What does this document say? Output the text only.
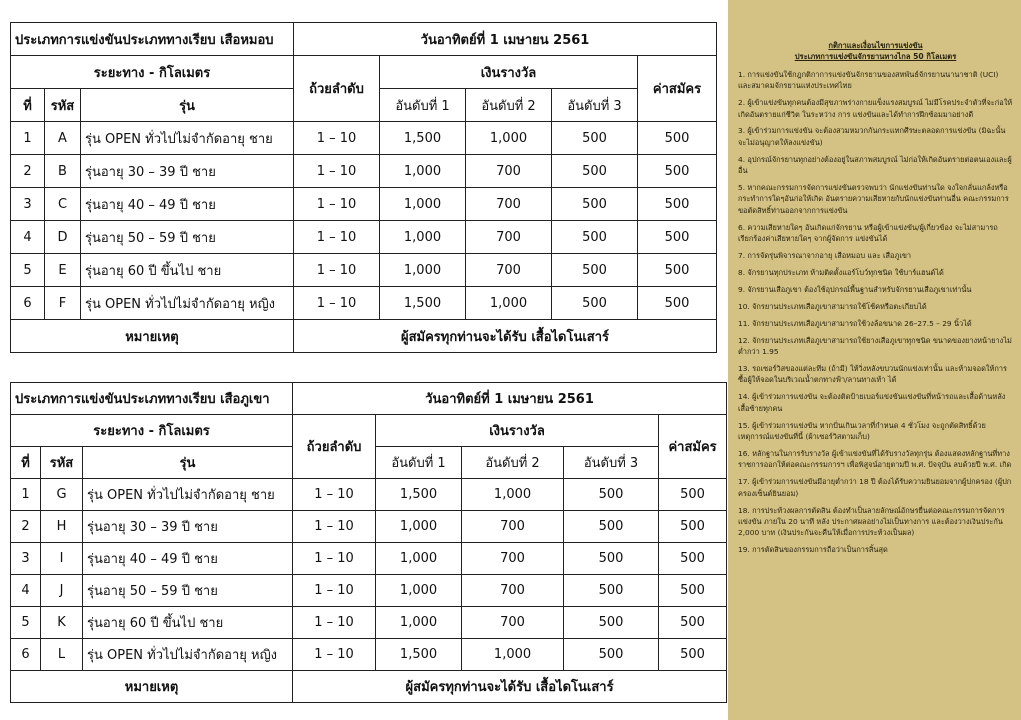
ประเภทการแข่งขันประเภททางเรียบ เสือหมอบ			วันอาทิตย์ที่ 1 เมษายน 2561				
ระยะทาง - กิโลเมตร			ถ้วยลำดับ	เงินรางวัล			ค่าสมัคร
ที่	รหัส	รุ่น		อันดับที่ 1	อันดับที่ 2	อันดับที่ 3	
1	A	รุ่น OPEN ทั่วไปไม่จำกัดอายุ ชาย	1 – 10	1,500	1,000	500	500
2	B	รุ่นอายุ 30 – 39 ปี ชาย	1 – 10	1,000	700	500	500
3	C	รุ่นอายุ 40 – 49 ปี ชาย	1 – 10	1,000	700	500	500
4	D	รุ่นอายุ 50 – 59 ปี ชาย	1 – 10	1,000	700	500	500
5	E	รุ่นอายุ 60 ปี ขึ้นไป ชาย	1 – 10	1,000	700	500	500
6	F	รุ่น OPEN ทั่วไปไม่จำกัดอายุ หญิง	1 – 10	1,500	1,000	500	500
หมายเหตุ			ผู้สมัครทุกท่านจะได้รับ เสื้อไดโนเสาร์				
ประเภทการแข่งขันประเภททางเรียบ เสือภูเขา			วันอาทิตย์ที่ 1 เมษายน 2561				
ระยะทาง - กิโลเมตร			ถ้วยลำดับ	เงินรางวัล			ค่าสมัคร
ที่	รหัส	รุ่น		อันดับที่ 1	อันดับที่ 2	อันดับที่ 3	
1	G	รุ่น OPEN ทั่วไปไม่จำกัดอายุ ชาย	1 – 10	1,500	1,000	500	500
2	H	รุ่นอายุ 30 – 39 ปี ชาย	1 – 10	1,000	700	500	500
3	I	รุ่นอายุ 40 – 49 ปี ชาย	1 – 10	1,000	700	500	500
4	J	รุ่นอายุ 50 – 59 ปี ชาย	1 – 10	1,000	700	500	500
5	K	รุ่นอายุ 60 ปี ขึ้นไป ชาย	1 – 10	1,000	700	500	500
6	L	รุ่น OPEN ทั่วไปไม่จำกัดอายุ หญิง	1 – 10	1,500	1,000	500	500
หมายเหตุ			ผู้สมัครทุกท่านจะได้รับ เสื้อไดโนเสาร์				

กติกาและเงื่อนไขการแข่งขัน

ประเภทการแข่งขันจักรยานทางไกล 50 กิโลเมตร

1. การแข่งขันใช้กฎกติกาการแข่งขันจักรยานของสหพันธ์จักรยานนานาชาติ (UCI) และสมาคมจักรยานแห่งประเทศไทย
2. ผู้เข้าแข่งขันทุกคนต้องมีสุขภาพร่างกายแข็งแรงสมบูรณ์ ไม่มีโรคประจำตัวที่จะก่อให้เกิดอันตรายแก่ชีวิต ในระหว่าง การ แข่งขันและได้ทำการฝึกซ้อมมาอย่างดี
3. ผู้เข้าร่วมการแข่งขัน จะต้องสวมหมวกกันกระแทกศีรษะตลอดการแข่งขัน (มิฉะนั้นจะไม่อนุญาตให้ลงแข่งขัน)
4. อุปกรณ์จักรยานทุกอย่างต้องอยู่ในสภาพสมบูรณ์ ไม่ก่อให้เกิดอันตรายต่อตนเองและผู้อื่น
5. หากคณะกรรมการจัดการแข่งขันตรวจพบว่า นักแข่งขันท่านใด จงใจกลั่นแกล้งหรือ กระทำการใดๆอันก่อให้เกิด อันตรายความเสียหายกับนักแข่งขันท่านอื่น คณะกรรมการขอตัดสิทธิ์ท่านออกจากการแข่งขัน
6. ความเสียหายใดๆ อันเกิดแก่จักรยาน หรือผู้เข้าแข่งขัน/ผู้เกี่ยวข้อง จะไม่สามารถเรียกร้องค่าเสียหายใดๆ จากผู้จัดการ แข่งขันได้
7. การจัดรุ่นพิจารณาจากอายุ เสือหมอบ และ เสือภูเขา
8. จักรยานทุกประเภท ห้ามติดตั้งแอร์โบว์ทุกชนิด ใช้บาร์แฮนด์ได้
9. จักรยานเสือภูเขา ต้องใช้อุปกรณ์พื้นฐานสำหรับจักรยานเสือภูเขาเท่านั้น
10. จักรยานประเภทเสือภูเขาสามารถใช้โช้คหรือตะเกียบได้
11. จักรยานประเภทเสือภูเขาสามารถใช้วงล้อขนาด 26–27.5 – 29 นิ้วได้
12. จักรยานประเภทเสือภูเขาสามารถใช้ยางเสือภูเขาทุกชนิด ขนาดของยางหน้ายางไม่ต่ำกว่า 1.95
13. รถเซอร์วิสของแต่ละทีม (ถ้ามี) ให้วิ่งหลังขบวนนักแข่งเท่านั้น และห้ามจอดให้การซื้อผู้ให้จอดในบริเวณน้ำตกทางฟ้า/ลานทางเท้า ได้
14. ผู้เข้าร่วมการแข่งขัน จะต้องติดป้ายเบอร์แข่งขันแข่งขันที่หน้ารถและเสื้อด้านหลังเสื้อซ้ายทุกคน
15. ผู้เข้าร่วมการแข่งขัน หากปั่นเกินเวลาที่กำหนด 4 ชั่วโมง จะถูกตัดสิทธิ์ด้วยเหตุการณ์แข่งขันที่นี้ (ผ้าเซอร์วิสตามเก็บ)
16. หลักฐานในการรับรางวัล ผู้เข้าแข่งขันที่ได้รับรางวัลทุกรุ่น ต้องแสดงหลักฐานที่ทางราชการออกให้ต่อคณะกรรมการฯ เพื่อพิสูจน์อายุตามปี พ.ศ. ปัจจุบัน ลบด้วยปี พ.ศ. เกิด
17. ผู้เข้าร่วมการแข่งขันมีอายุต่ำกว่า 18 ปี ต้องได้รับความยินยอมจากผู้ปกครอง (ผู้ปกครองเซ็นต์ยินยอม)
18. การประท้วงผลการตัดสิน ต้องทำเป็นลายลักษณ์อักษรยื่นต่อคณะกรรมการจัดการแข่งขัน ภายใน 20 นาที หลัง ประกาศผลอย่างไม่เป็นทางการ และต้องวางเงินประกัน 2,000 บาท (เงินประกันจะคืนให้เมื่อการประท้วงเป็นผล)
19. การตัดสินของกรรมการถือว่าเป็นการสิ้นสุด
